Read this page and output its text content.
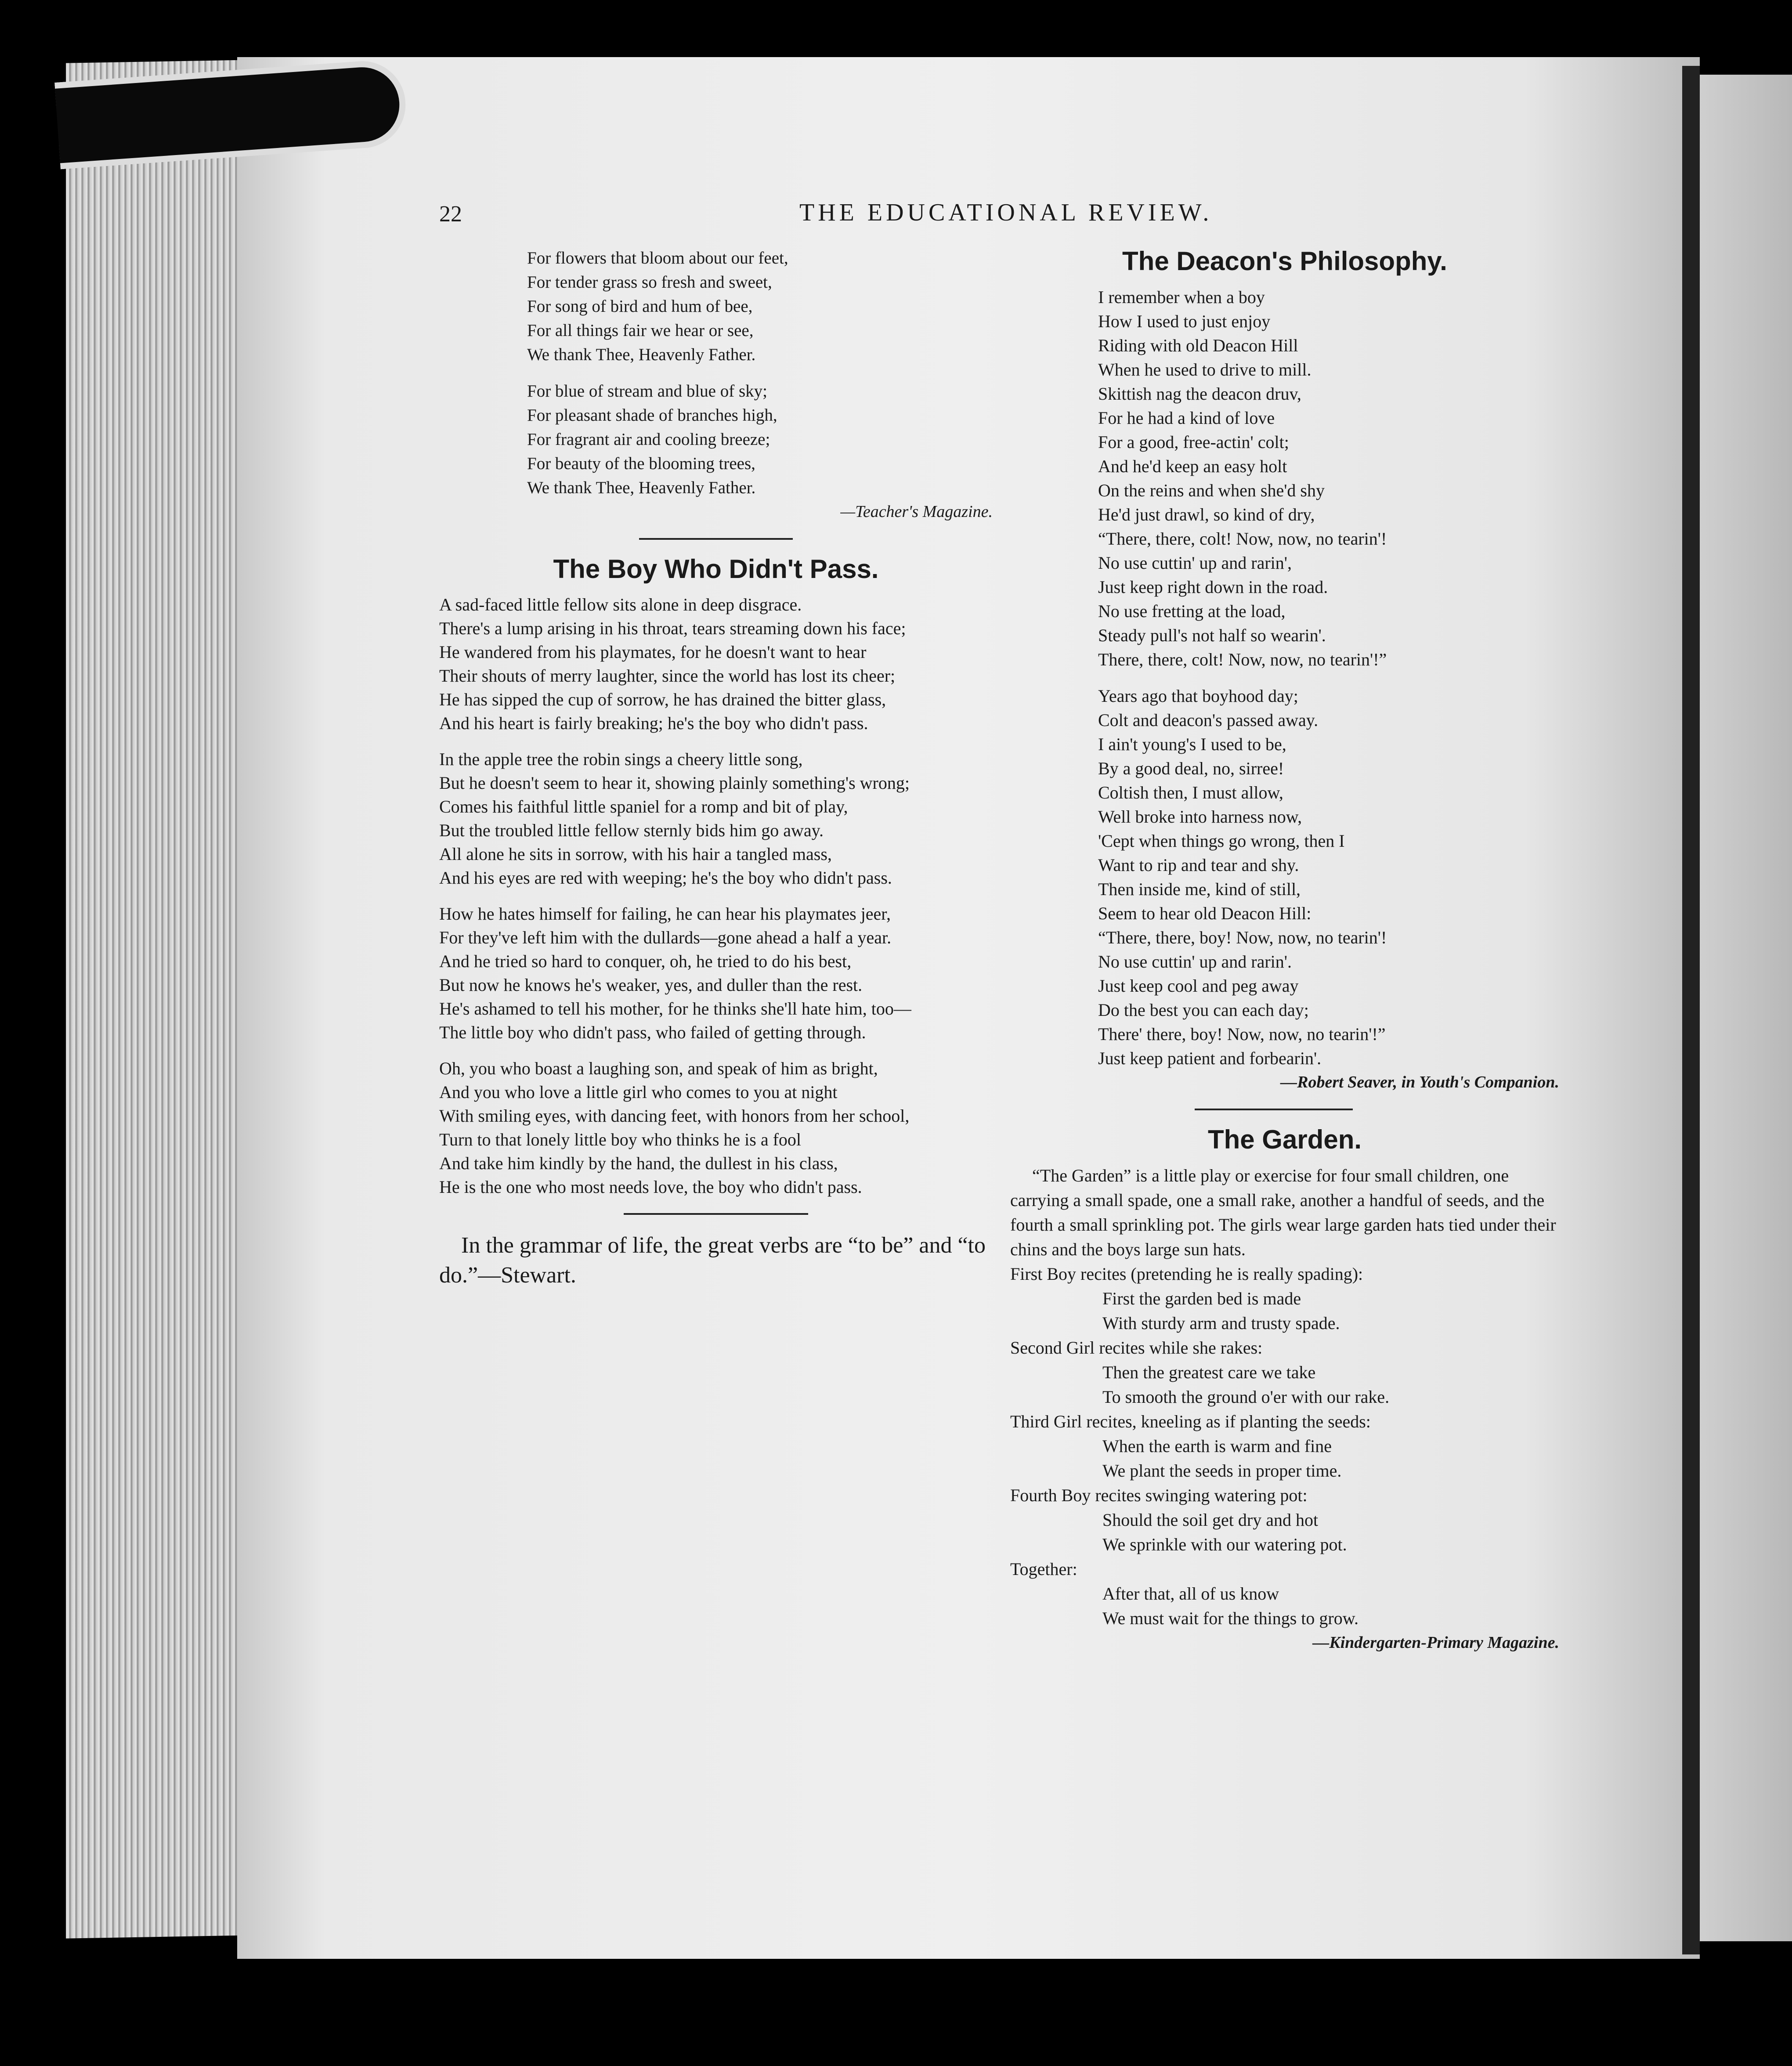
22	THE EDUCATIONAL REVIEW.
For flowers that bloom about our feet,
For tender grass so fresh and sweet,
For song of bird and hum of bee,
For all things fair we hear or see,
We thank Thee, Heavenly Father.
For blue of stream and blue of sky;
For pleasant shade of branches high,
For fragrant air and cooling breeze;
For beauty of the blooming trees,
We thank Thee, Heavenly Father.
—Teacher's Magazine.
The Boy Who Didn't Pass.
A sad-faced little fellow sits alone in deep disgrace.
There's a lump arising in his throat, tears streaming down his face;
He wandered from his playmates, for he doesn't want to hear
Their shouts of merry laughter, since the world has lost its cheer;
He has sipped the cup of sorrow, he has drained the bitter glass,
And his heart is fairly breaking; he's the boy who didn't pass.
In the apple tree the robin sings a cheery little song,
But he doesn't seem to hear it, showing plainly something's wrong;
Comes his faithful little spaniel for a romp and bit of play,
But the troubled little fellow sternly bids him go away.
All alone he sits in sorrow, with his hair a tangled mass,
And his eyes are red with weeping; he's the boy who didn't pass.
How he hates himself for failing, he can hear his playmates jeer,
For they've left him with the dullards—gone ahead a half a year.
And he tried so hard to conquer, oh, he tried to do his best,
But now he knows he's weaker, yes, and duller than the rest.
He's ashamed to tell his mother, for he thinks she'll hate him, too—
The little boy who didn't pass, who failed of getting through.
Oh, you who boast a laughing son, and speak of him as bright,
And you who love a little girl who comes to you at night
With smiling eyes, with dancing feet, with honors from her school,
Turn to that lonely little boy who thinks he is a fool
And take him kindly by the hand, the dullest in his class,
He is the one who most needs love, the boy who didn't pass.
In the grammar of life, the great verbs are “to be” and “to do.”—Stewart.
The Deacon's Philosophy.
I remember when a boy
How I used to just enjoy
Riding with old Deacon Hill
When he used to drive to mill.
Skittish nag the deacon druv,
For he had a kind of love
For a good, free-actin' colt;
And he'd keep an easy holt
On the reins and when she'd shy
He'd just drawl, so kind of dry,
“There, there, colt! Now, now, no tearin'!
No use cuttin' up and rarin',
Just keep right down in the road.
No use fretting at the load,
Steady pull's not half so wearin'.
There, there, colt! Now, now, no tearin'!”
Years ago that boyhood day;
Colt and deacon's passed away.
I ain't young's I used to be,
By a good deal, no, sirree!
Coltish then, I must allow,
Well broke into harness now,
'Cept when things go wrong, then I
Want to rip and tear and shy.
Then inside me, kind of still,
Seem to hear old Deacon Hill:
“There, there, boy! Now, now, no tearin'!
No use cuttin' up and rarin'.
Just keep cool and peg away
Do the best you can each day;
There' there, boy! Now, now, no tearin'!”
Just keep patient and forbearin'.
—Robert Seaver, in Youth's Companion.
The Garden.

“The Garden” is a little play or exercise for four small children, one carrying a small spade, one a small rake, another a handful of seeds, and the fourth a small sprinkling pot. The girls wear large garden hats tied under their chins and the boys large sun hats.

First Boy recites (pretending he is really spading):
First the garden bed is made
With sturdy arm and trusty spade.
Second Girl recites while she rakes:
Then the greatest care we take
To smooth the ground o'er with our rake.
Third Girl recites, kneeling as if planting the seeds:
When the earth is warm and fine
We plant the seeds in proper time.
Fourth Boy recites swinging watering pot:
Should the soil get dry and hot
We sprinkle with our watering pot.
Together:
After that, all of us know
We must wait for the things to grow.
—Kindergarten-Primary Magazine.
